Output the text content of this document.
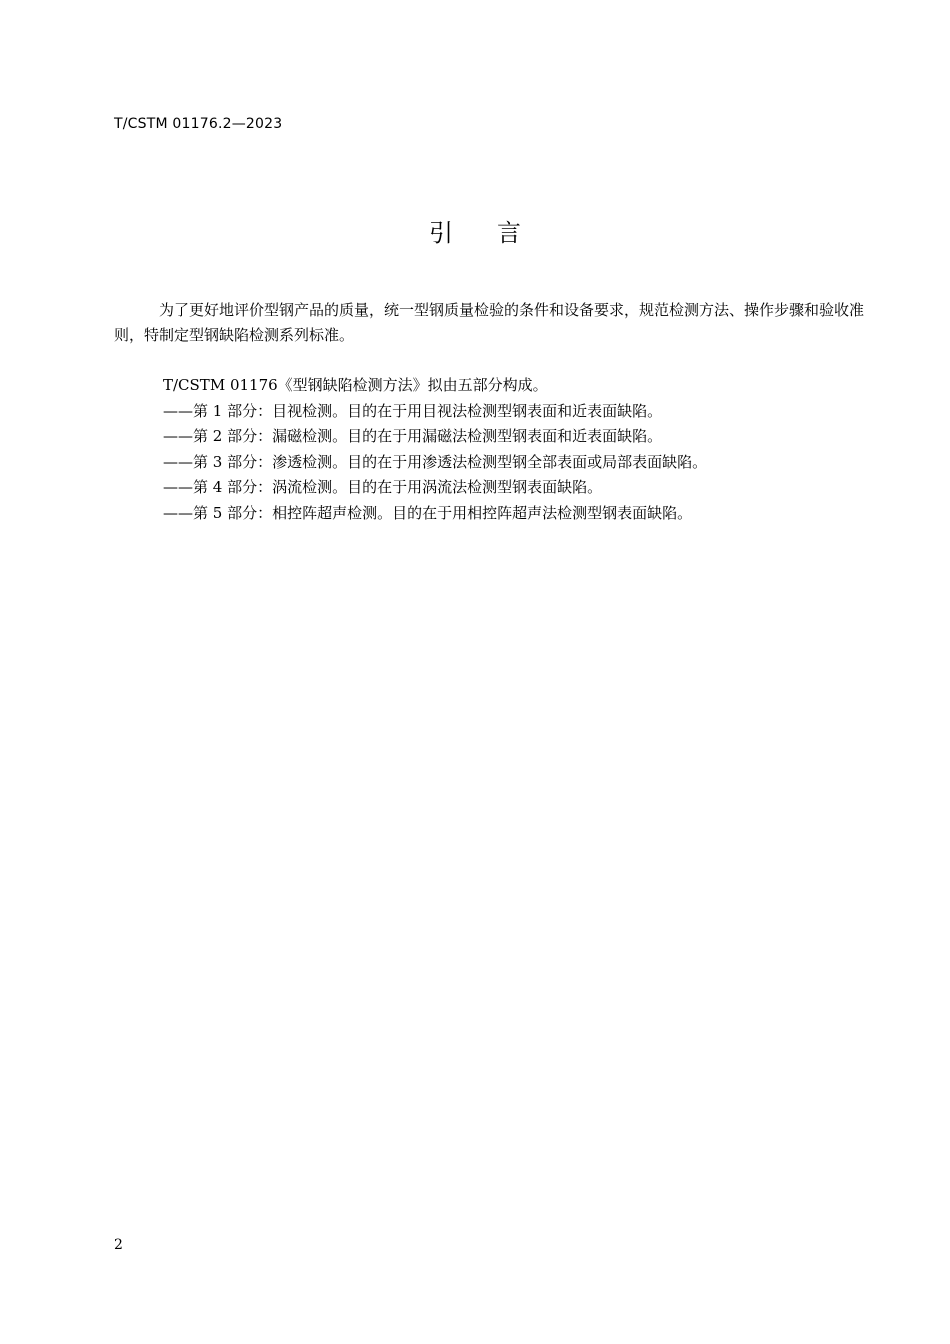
T/CSTM 01176.2—2023
引言

为了更好地评价型钢产品的质量，统一型钢质量检验的条件和设备要求，规范检测方法、操作步骤和验收准则，特制定型钢缺陷检测系列标准。

T/CSTM 01176《型钢缺陷检测方法》拟由五部分构成。
——第 1 部分：目视检测。目的在于用目视法检测型钢表面和近表面缺陷。
——第 2 部分：漏磁检测。目的在于用漏磁法检测型钢表面和近表面缺陷。
——第 3 部分：渗透检测。目的在于用渗透法检测型钢全部表面或局部表面缺陷。
——第 4 部分：涡流检测。目的在于用涡流法检测型钢表面缺陷。
——第 5 部分：相控阵超声检测。目的在于用相控阵超声法检测型钢表面缺陷。
2
